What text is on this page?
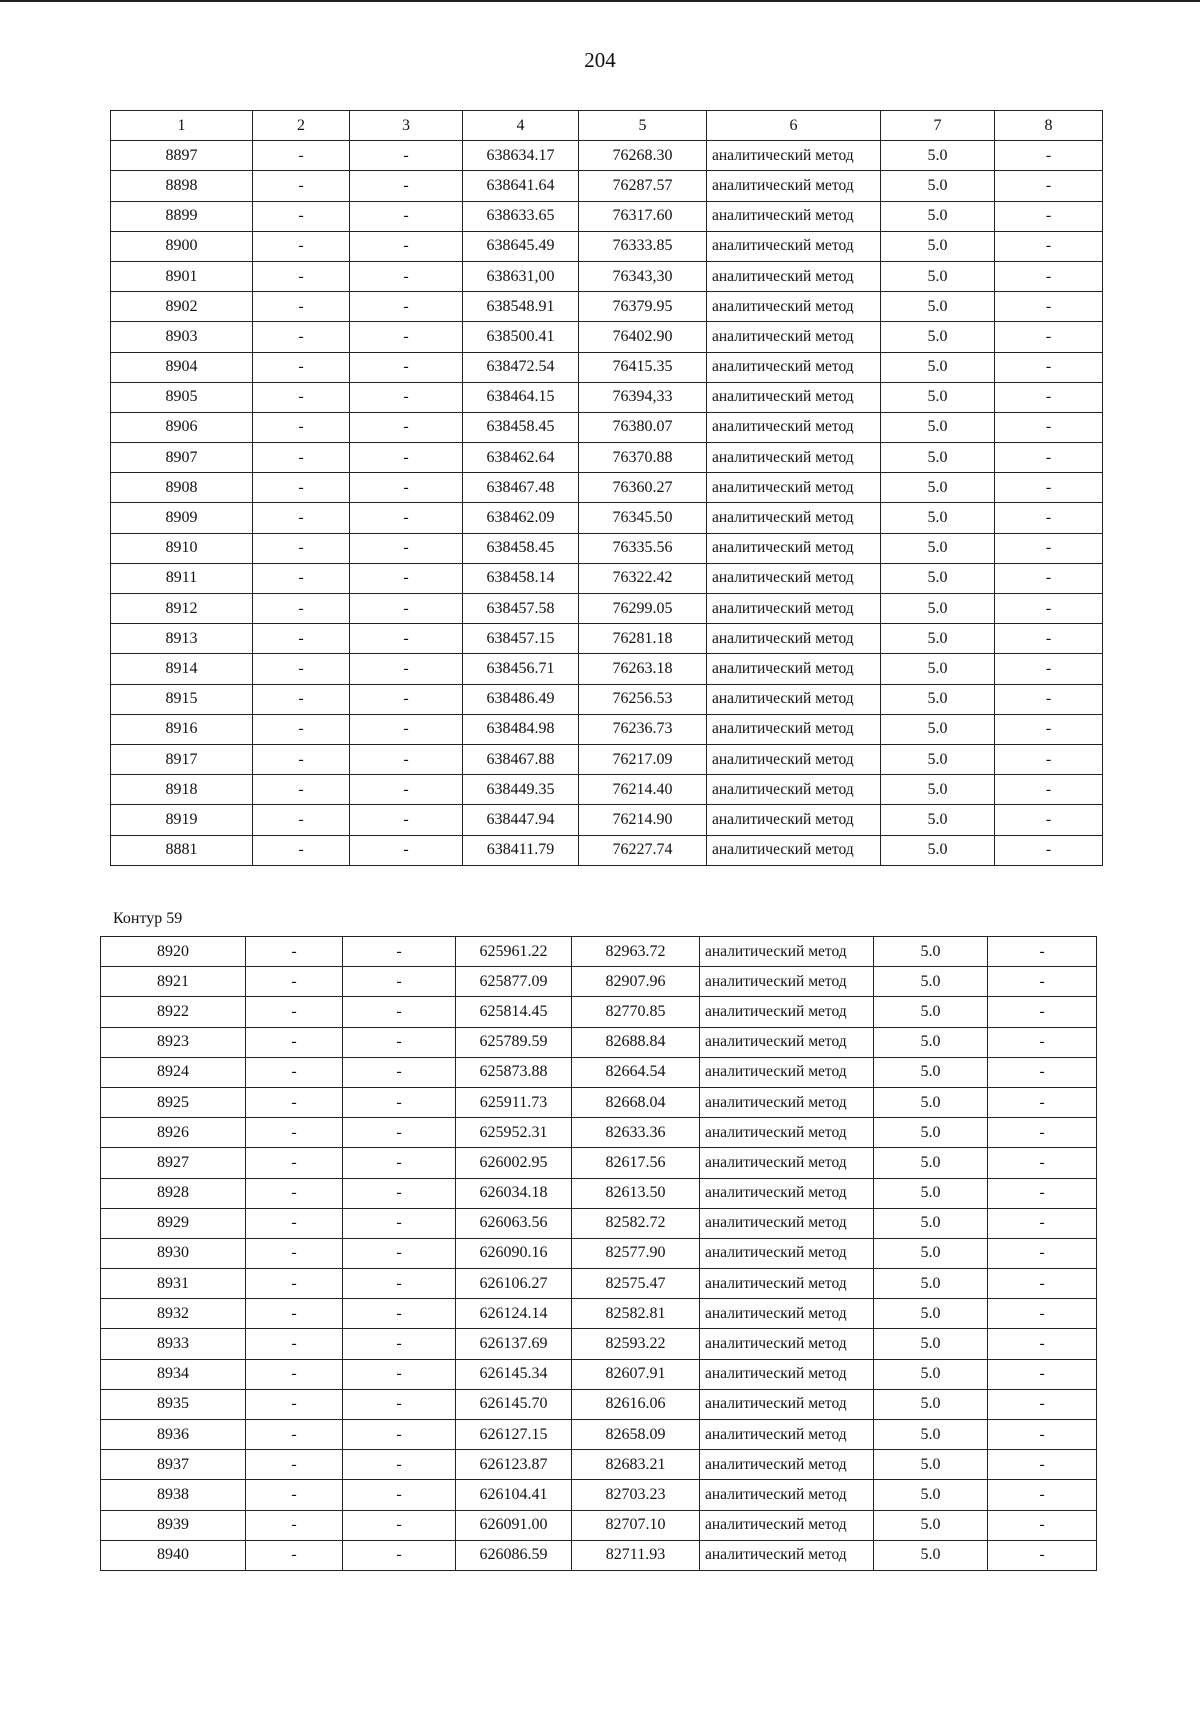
204
1	2	3	4	5	6	7	8
8897	-	-	638634.17	76268.30	аналитический метод	5.0	-
8898	-	-	638641.64	76287.57	аналитический метод	5.0	-
8899	-	-	638633.65	76317.60	аналитический метод	5.0	-
8900	-	-	638645.49	76333.85	аналитический метод	5.0	-
8901	-	-	638631,00	76343,30	аналитический метод	5.0	-
8902	-	-	638548.91	76379.95	аналитический метод	5.0	-
8903	-	-	638500.41	76402.90	аналитический метод	5.0	-
8904	-	-	638472.54	76415.35	аналитический метод	5.0	-
8905	-	-	638464.15	76394,33	аналитический метод	5.0	-
8906	-	-	638458.45	76380.07	аналитический метод	5.0	-
8907	-	-	638462.64	76370.88	аналитический метод	5.0	-
8908	-	-	638467.48	76360.27	аналитический метод	5.0	-
8909	-	-	638462.09	76345.50	аналитический метод	5.0	-
8910	-	-	638458.45	76335.56	аналитический метод	5.0	-
8911	-	-	638458.14	76322.42	аналитический метод	5.0	-
8912	-	-	638457.58	76299.05	аналитический метод	5.0	-
8913	-	-	638457.15	76281.18	аналитический метод	5.0	-
8914	-	-	638456.71	76263.18	аналитический метод	5.0	-
8915	-	-	638486.49	76256.53	аналитический метод	5.0	-
8916	-	-	638484.98	76236.73	аналитический метод	5.0	-
8917	-	-	638467.88	76217.09	аналитический метод	5.0	-
8918	-	-	638449.35	76214.40	аналитический метод	5.0	-
8919	-	-	638447.94	76214.90	аналитический метод	5.0	-
8881	-	-	638411.79	76227.74	аналитический метод	5.0	-
Контур 59
8920	-	-	625961.22	82963.72	аналитический метод	5.0	-
8921	-	-	625877.09	82907.96	аналитический метод	5.0	-
8922	-	-	625814.45	82770.85	аналитический метод	5.0	-
8923	-	-	625789.59	82688.84	аналитический метод	5.0	-
8924	-	-	625873.88	82664.54	аналитический метод	5.0	-
8925	-	-	625911.73	82668.04	аналитический метод	5.0	-
8926	-	-	625952.31	82633.36	аналитический метод	5.0	-
8927	-	-	626002.95	82617.56	аналитический метод	5.0	-
8928	-	-	626034.18	82613.50	аналитический метод	5.0	-
8929	-	-	626063.56	82582.72	аналитический метод	5.0	-
8930	-	-	626090.16	82577.90	аналитический метод	5.0	-
8931	-	-	626106.27	82575.47	аналитический метод	5.0	-
8932	-	-	626124.14	82582.81	аналитический метод	5.0	-
8933	-	-	626137.69	82593.22	аналитический метод	5.0	-
8934	-	-	626145.34	82607.91	аналитический метод	5.0	-
8935	-	-	626145.70	82616.06	аналитический метод	5.0	-
8936	-	-	626127.15	82658.09	аналитический метод	5.0	-
8937	-	-	626123.87	82683.21	аналитический метод	5.0	-
8938	-	-	626104.41	82703.23	аналитический метод	5.0	-
8939	-	-	626091.00	82707.10	аналитический метод	5.0	-
8940	-	-	626086.59	82711.93	аналитический метод	5.0	-
